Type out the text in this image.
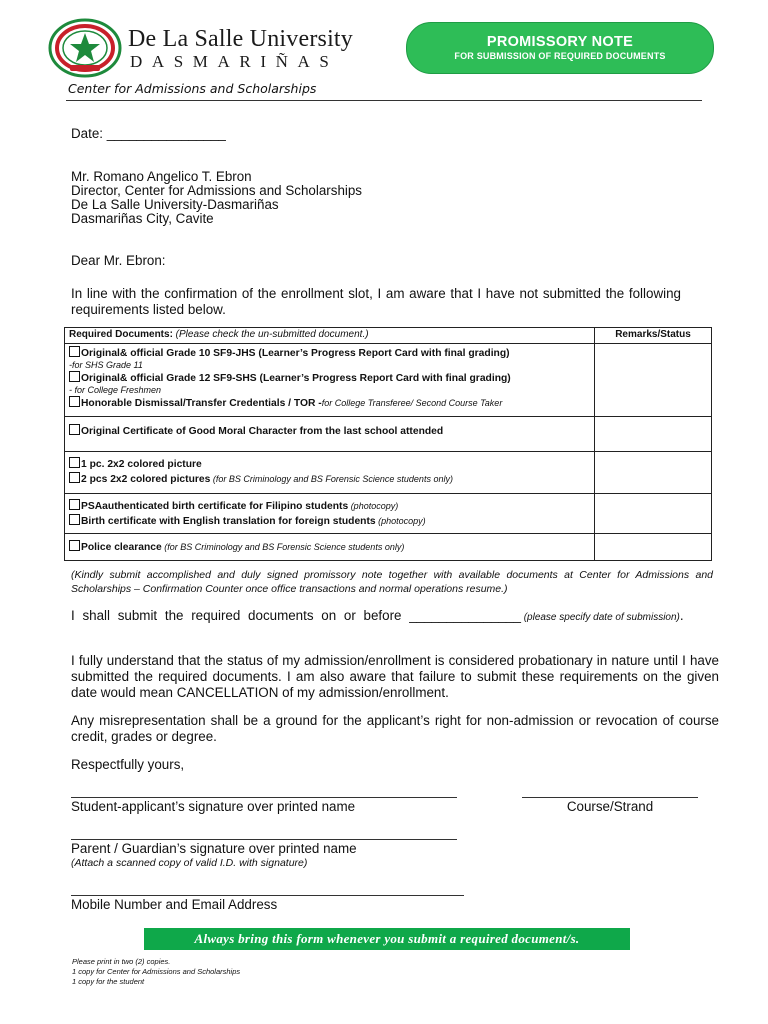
De La Salle University
DASMARIÑAS
Center for Admissions and Scholarships
PROMISSORY NOTE
FOR SUBMISSION OF REQUIRED DOCUMENTS
Date: ________________
Mr. Romano Angelico T. Ebron
Director, Center for Admissions and Scholarships
De La Salle University-Dasmariñas
Dasmariñas City, Cavite
Dear Mr. Ebron:
In line with the confirmation of the enrollment slot, I am aware that I have not submitted the following requirements listed below.
Required Documents: (Please check the un-submitted document.)	Remarks/Status

Original& official Grade 10 SF9-JHS (Learner’s Progress Report Card with final grading)
-for SHS Grade 11
Original& official Grade 12 SF9-SHS (Learner’s Progress Report Card with final grading)
- for College Freshmen
Honorable Dismissal/Transfer Credentials / TOR -for College Transferee/ Second Course Taker	

Original Certificate of Good Moral Character from the last school attended	

1 pc. 2x2 colored picture
2 pcs 2x2 colored pictures (for BS Criminology and BS Forensic Science students only)	

PSAauthenticated birth certificate for Filipino students (photocopy)
Birth certificate with English translation for foreign students (photocopy)	

Police clearance (for BS Criminology and BS Forensic Science students only)	

(Kindly submit accomplished and duly signed promissory note together with available documents at Center for Admissions and Scholarships – Confirmation Counter once office transactions and normal operations resume.)
I shall submit the required documents on or before _______________ (please specify date of submission).
I fully understand that the status of my admission/enrollment is considered probationary in nature until I have submitted the required documents. I am also aware that failure to submit these requirements on the given date would mean CANCELLATION of my admission/enrollment.
Any misrepresentation shall be a ground for the applicant’s right for non-admission or revocation of course credit, grades or degree.
Respectfully yours,
Student-applicant’s signature over printed name	Course/Strand
Parent / Guardian’s signature over printed name
(Attach a scanned copy of valid I.D. with signature)
Mobile Number and Email Address
Always bring this form whenever you submit a required document/s.
Please print in two (2) copies.
1 copy for Center for Admissions and Scholarships
1 copy for the student
